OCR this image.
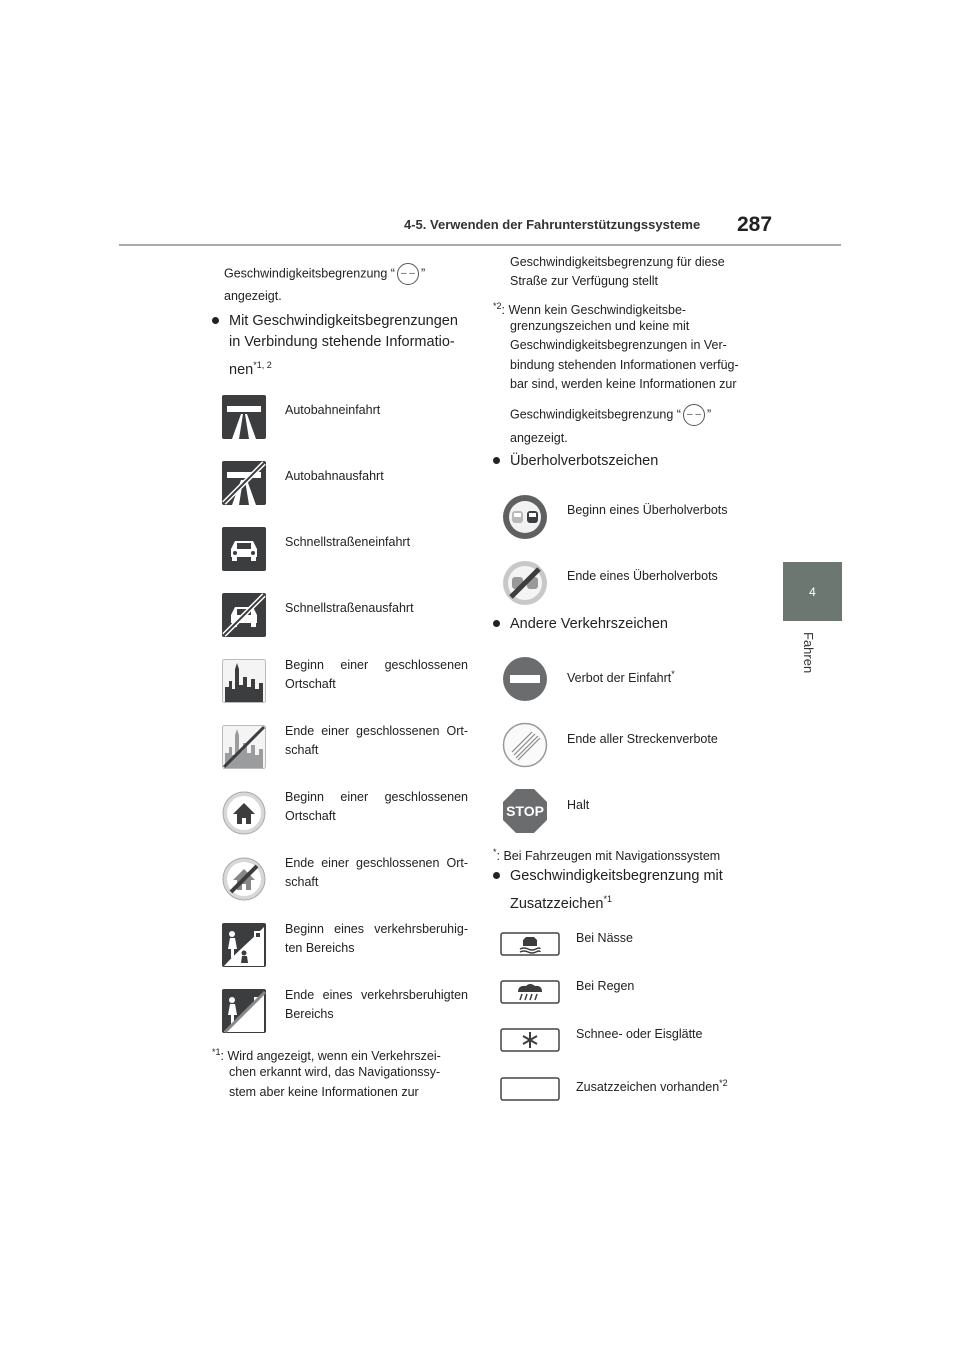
4-5. Verwenden der Fahrunterstützungssysteme 287
4
Fahren
Geschwindigkeitsbegrenzung “ – – ”
angezeigt.
Mit Geschwindigkeitsbegrenzungen
in Verbindung stehende Informatio-
nen$^{*1, 2}$
Autobahneinfahrt
Autobahnausfahrt
Schnellstraßeneinfahrt
Schnellstraßenausfahrt
Beginn einer geschlossenen
Ortschaft
Ende einer geschlossenen Ort-
schaft
Beginn einer geschlossenen
Ortschaft
Ende einer geschlossenen Ort-
schaft
Beginn eines verkehrsberuhig-
ten Bereichs
Ende eines verkehrsberuhigten
Bereichs
$^{*1}$: Wird angezeigt, wenn ein Verkehrszei-
chen erkannt wird, das Navigationssy-
stem aber keine Informationen zur
Geschwindigkeitsbegrenzung für diese
Straße zur Verfügung stellt
$^{*2}$: Wenn kein Geschwindigkeitsbe-
grenzungszeichen und keine mit
Geschwindigkeitsbegrenzungen in Ver-
bindung stehenden Informationen verfüg-
bar sind, werden keine Informationen zur
Geschwindigkeitsbegrenzung “ – – ”
angezeigt.
Überholverbotszeichen
Beginn eines Überholverbots
Ende eines Überholverbots
Andere Verkehrszeichen
STOP
Verbot der Einfahrt*
Ende aller Streckenverbote
Halt
*: Bei Fahrzeugen mit Navigationssystem
Geschwindigkeitsbegrenzung mit
Zusatzzeichen$^{*1}$
Bei Nässe
Bei Regen
Schnee- oder Eisglätte
Zusatzzeichen vorhanden$^{*2}$
